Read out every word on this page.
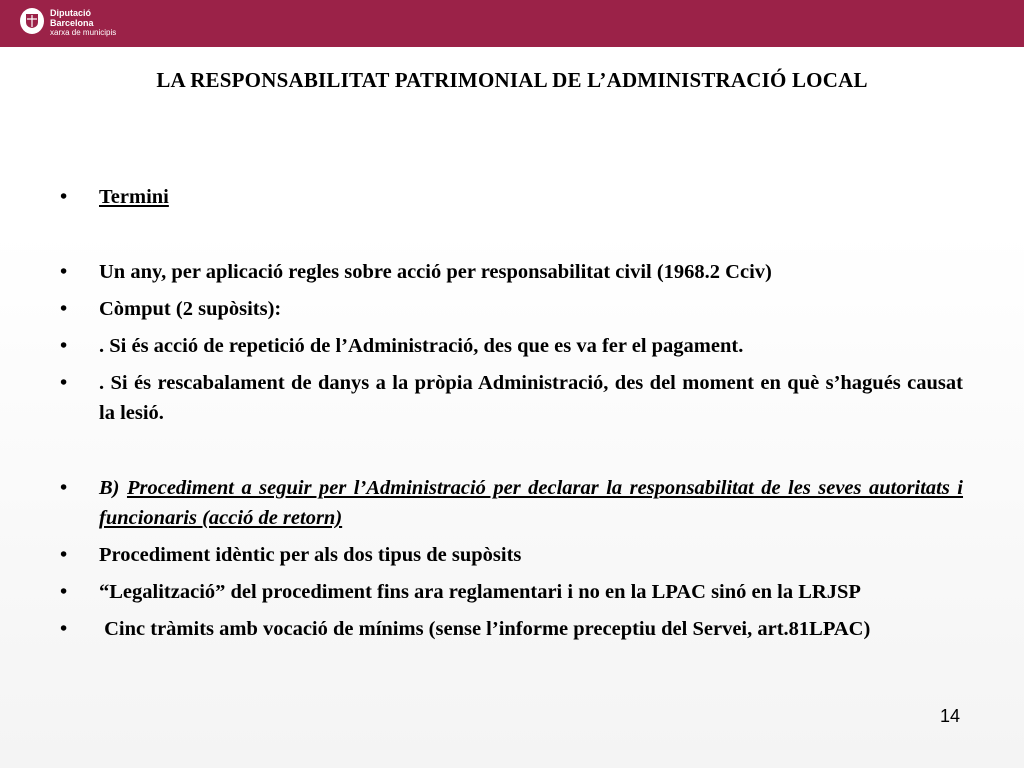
Diputació
Barcelona
xarxa de municipis
LA RESPONSABILITAT PATRIMONIAL DE L’ADMINISTRACIÓ LOCAL
• Termini
• Un any, per aplicació regles sobre acció per responsabilitat civil (1968.2 Cciv)
• Còmput (2 supòsits):
• . Si és acció de repetició de l’Administració, des que es va fer el pagament.
• . Si és rescabalament de danys a la pròpia Administració, des del moment en què s’hagués causat la lesió.
• B) Procediment a seguir per l’Administració per declarar la responsabilitat de les seves autoritats i funcionaris (acció de retorn)
• Procediment idèntic per als dos tipus de supòsits
• “Legalització” del procediment fins ara reglamentari i no en la LPAC sinó en la LRJSP
• Cinc tràmits amb vocació de mínims (sense l’informe preceptiu del Servei, art.81LPAC)
14
